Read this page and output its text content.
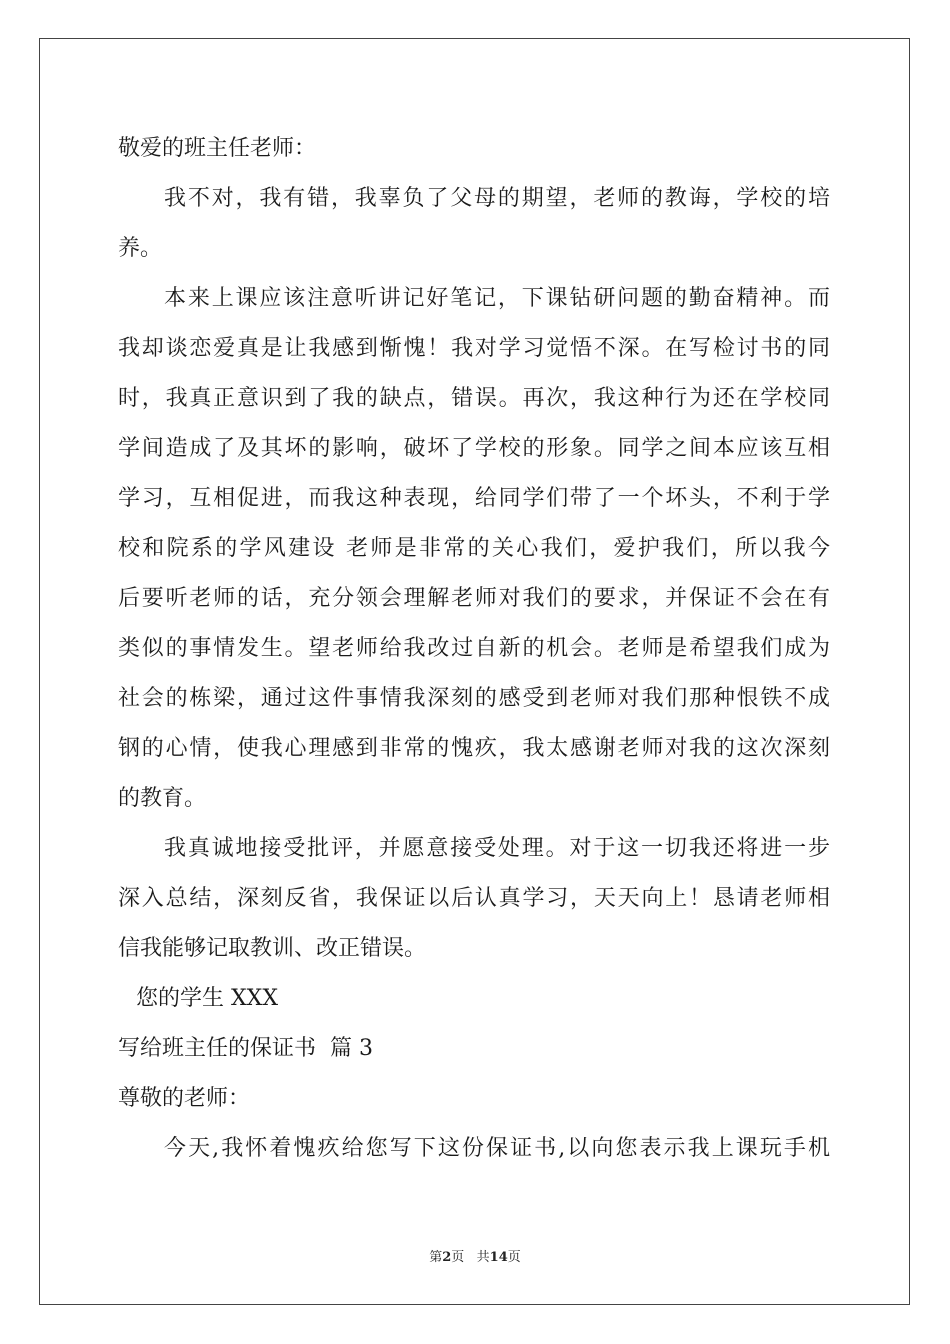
敬爱的班主任老师：
我不对，我有错，我辜负了父母的期望，老师的教诲，学校的培
养。
本来上课应该注意听讲记好笔记，下课钻研问题的勤奋精神。而
我却谈恋爱真是让我感到惭愧！我对学习觉悟不深。在写检讨书的同
时，我真正意识到了我的缺点，错误。再次，我这种行为还在学校同
学间造成了及其坏的影响，破坏了学校的形象。同学之间本应该互相
学习，互相促进，而我这种表现，给同学们带了一个坏头，不利于学
校和院系的学风建设 老师是非常的关心我们，爱护我们，所以我今
后要听老师的话，充分领会理解老师对我们的要求，并保证不会在有
类似的事情发生。望老师给我改过自新的机会。老师是希望我们成为
社会的栋梁，通过这件事情我深刻的感受到老师对我们那种恨铁不成
钢的心情，使我心理感到非常的愧疚，我太感谢老师对我的这次深刻
的教育。
我真诚地接受批评，并愿意接受处理。对于这一切我还将进一步
深入总结，深刻反省，我保证以后认真学习，天天向上！恳请老师相
信我能够记取教训、改正错误。
您的学生 XXX
写给班主任的保证书  篇 3
尊敬的老师：
今天,我怀着愧疚给您写下这份保证书,以向您表示我上课玩手机
第2页   共14页
